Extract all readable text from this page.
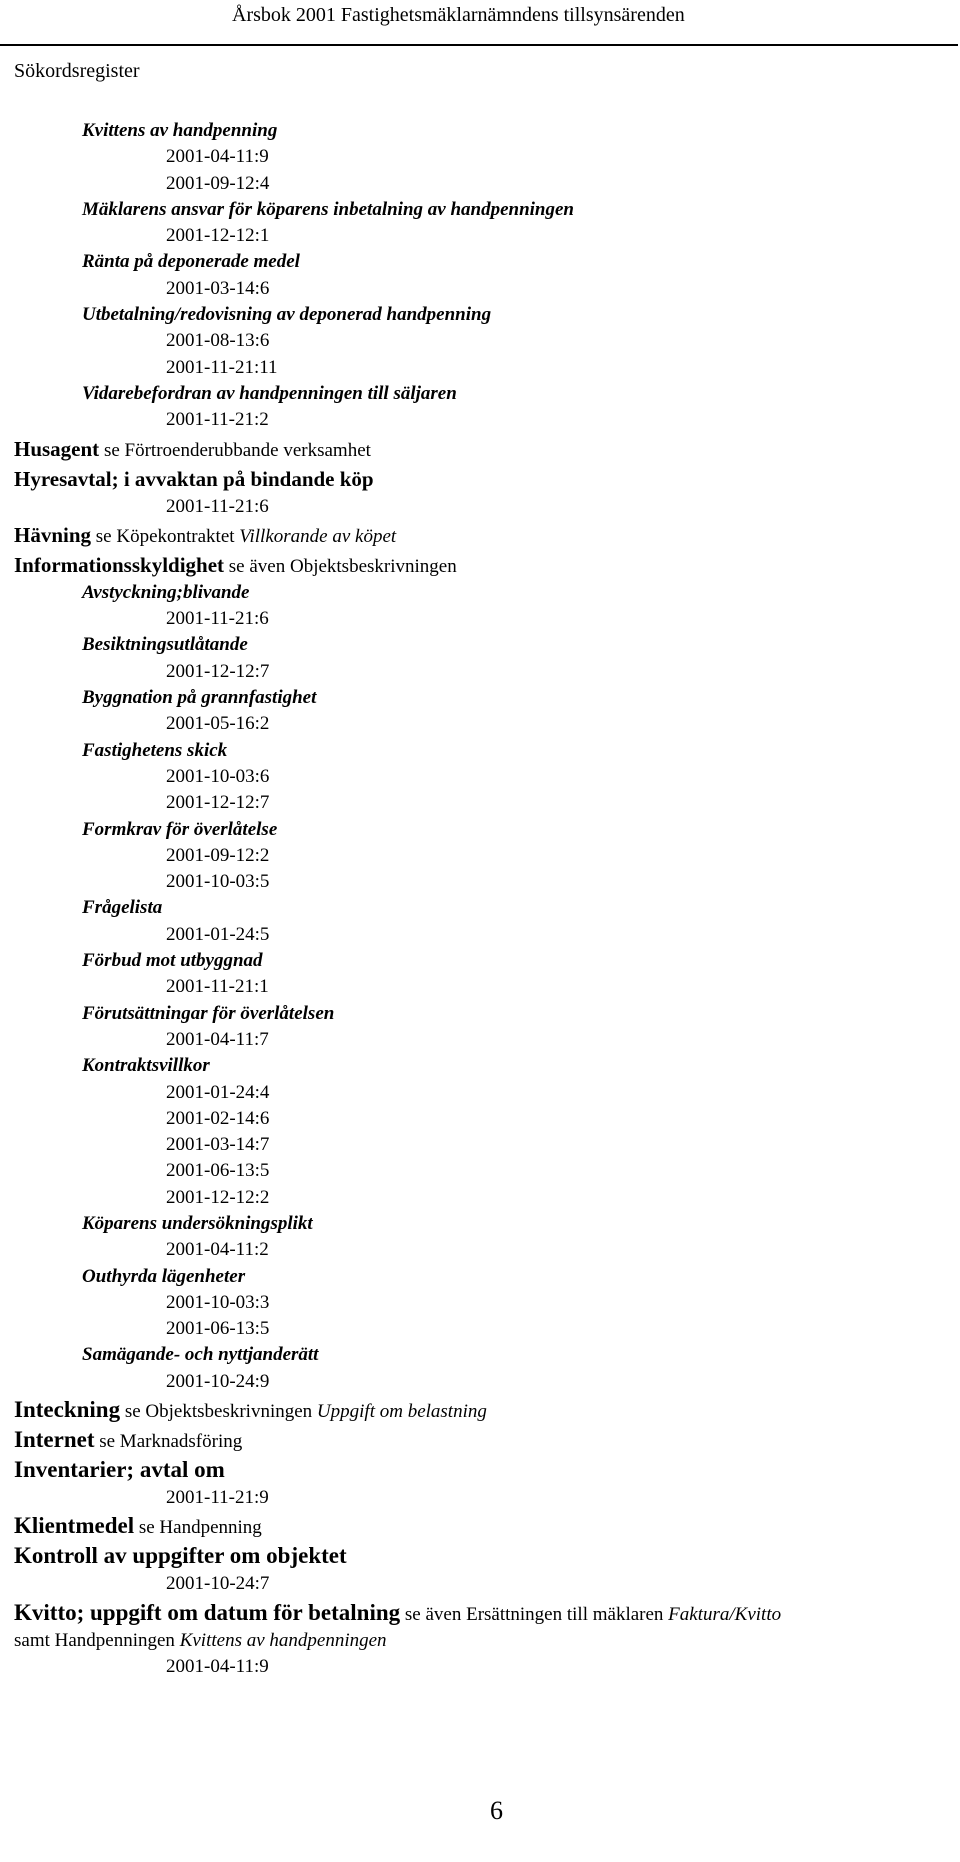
Årsbok 2001 Fastighetsmäklarnämndens tillsynsärenden
Sökordsregister
Kvittens av handpenning
2001-04-11:9
2001-09-12:4
Mäklarens ansvar för köparens inbetalning av handpenningen
2001-12-12:1
Ränta på deponerade medel
2001-03-14:6
Utbetalning/redovisning av deponerad handpenning
2001-08-13:6
2001-11-21:11
Vidarebefordran av handpenningen till säljaren
2001-11-21:2
Husagent se Förtroenderubbande verksamhet
Hyresavtal; i avvaktan på bindande köp
2001-11-21:6
Hävning se Köpekontraktet Villkorande av köpet
Informationsskyldighet se även Objektsbeskrivningen
Avstyckning;blivande
2001-11-21:6
Besiktningsutlåtande
2001-12-12:7
Byggnation på grannfastighet
2001-05-16:2
Fastighetens skick
2001-10-03:6
2001-12-12:7
Formkrav för överlåtelse
2001-09-12:2
2001-10-03:5
Frågelista
2001-01-24:5
Förbud mot utbyggnad
2001-11-21:1
Förutsättningar för överlåtelsen
2001-04-11:7
Kontraktsvillkor
2001-01-24:4
2001-02-14:6
2001-03-14:7
2001-06-13:5
2001-12-12:2
Köparens undersökningsplikt
2001-04-11:2
Outhyrda lägenheter
2001-10-03:3
2001-06-13:5
Samägande- och nyttjanderätt
2001-10-24:9
Inteckning se Objektsbeskrivningen Uppgift om belastning
Internet se Marknadsföring
Inventarier; avtal om
2001-11-21:9
Klientmedel se Handpenning
Kontroll av uppgifter om objektet
2001-10-24:7
Kvitto; uppgift om datum för betalning se även Ersättningen till mäklaren Faktura/Kvitto
samt Handpenningen Kvittens av handpenningen
2001-04-11:9
6
